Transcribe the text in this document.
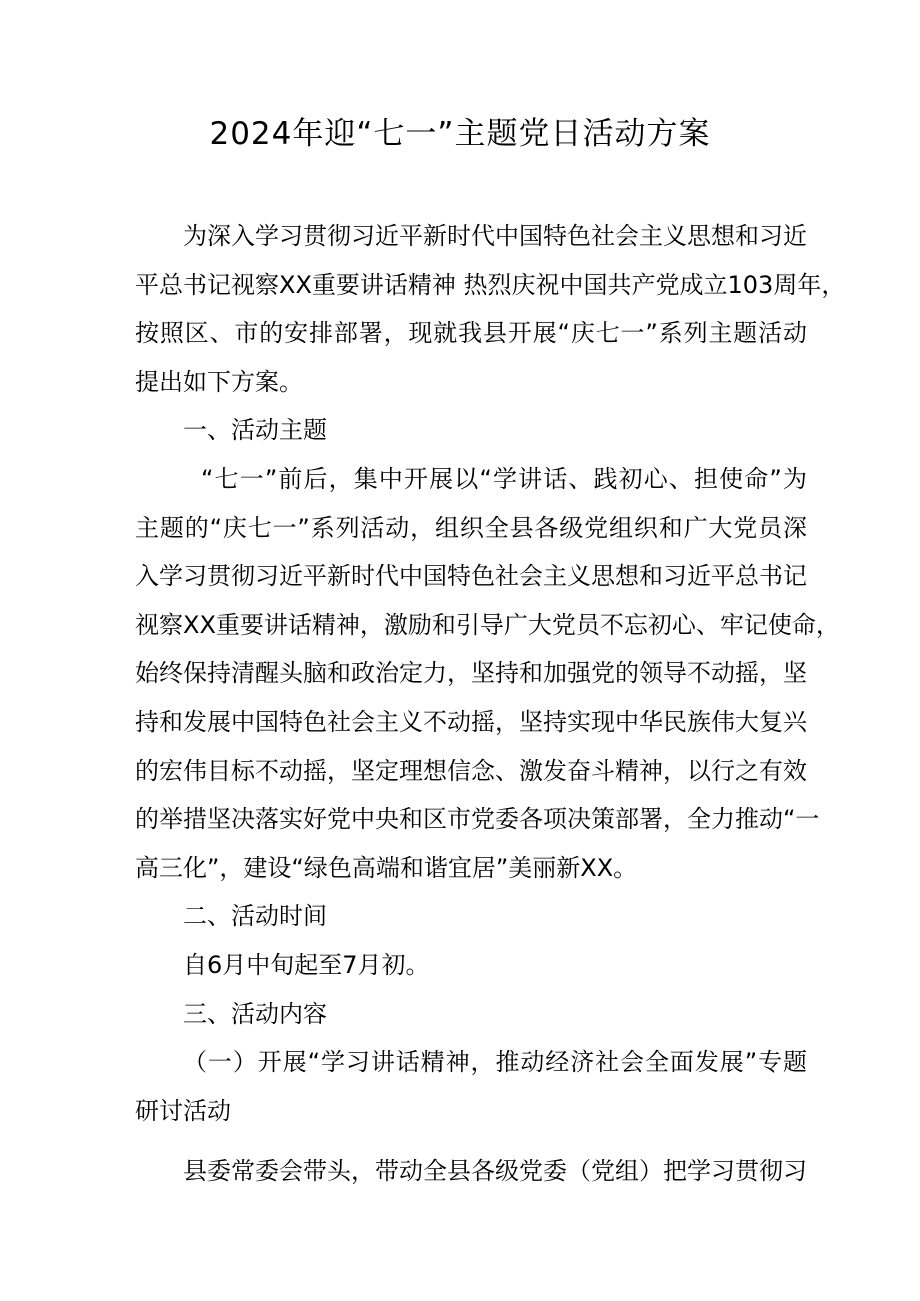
2024年迎“七一”主题党日活动方案
为深入学习贯彻习近平新时代中国特色社会主义思想和习近
平总书记视察XX重要讲话精神 热烈庆祝中国共产党成立103周年，
按照区、市的安排部署，现就我县开展“庆七一”系列主题活动
提出如下方案。
一、活动主题
“七一”前后，集中开展以“学讲话、践初心、担使命”为
主题的“庆七一”系列活动，组织全县各级党组织和广大党员深
入学习贯彻习近平新时代中国特色社会主义思想和习近平总书记
视察XX重要讲话精神，激励和引导广大党员不忘初心、牢记使命，
始终保持清醒头脑和政治定力，坚持和加强党的领导不动摇，坚
持和发展中国特色社会主义不动摇，坚持实现中华民族伟大复兴
的宏伟目标不动摇，坚定理想信念、激发奋斗精神，以行之有效
的举措坚决落实好党中央和区市党委各项决策部署，全力推动“一
高三化”，建设“绿色高端和谐宜居”美丽新XX。
二、活动时间
自6月中旬起至7月初。
三、活动内容
（一）开展“学习讲话精神，推动经济社会全面发展”专题
研讨活动
县委常委会带头，带动全县各级党委（党组）把学习贯彻习
